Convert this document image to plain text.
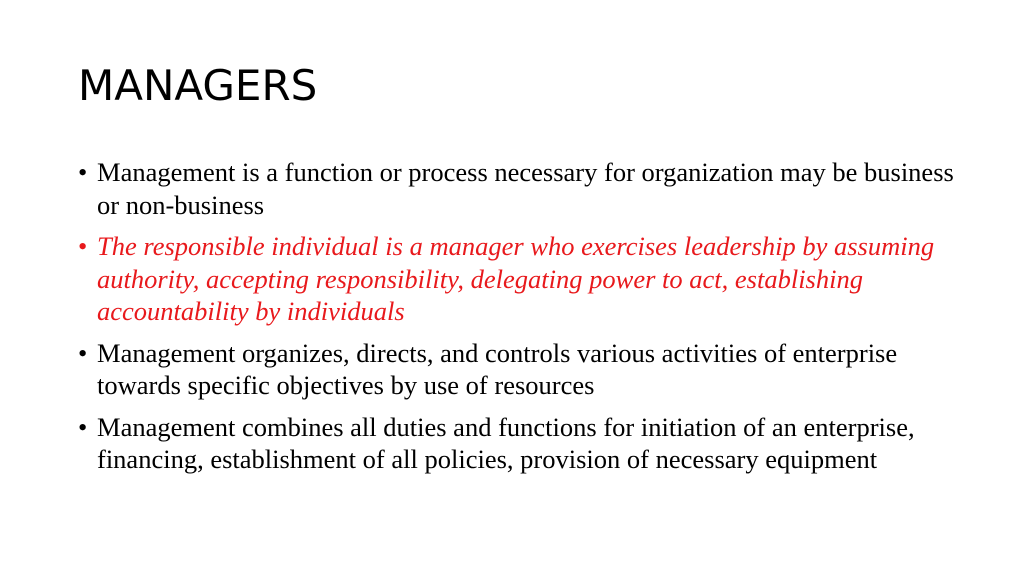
MANAGERS
• Management is a function or process necessary for organization may be business or non-business
• The responsible individual is a manager who exercises leadership by assuming authority, accepting responsibility, delegating power to act, establishing accountability by individuals
• Management organizes, directs, and controls various activities of enterprise towards specific objectives by use of resources
• Management combines all duties and functions for initiation of an enterprise, financing, establishment of all policies, provision of necessary equipment
